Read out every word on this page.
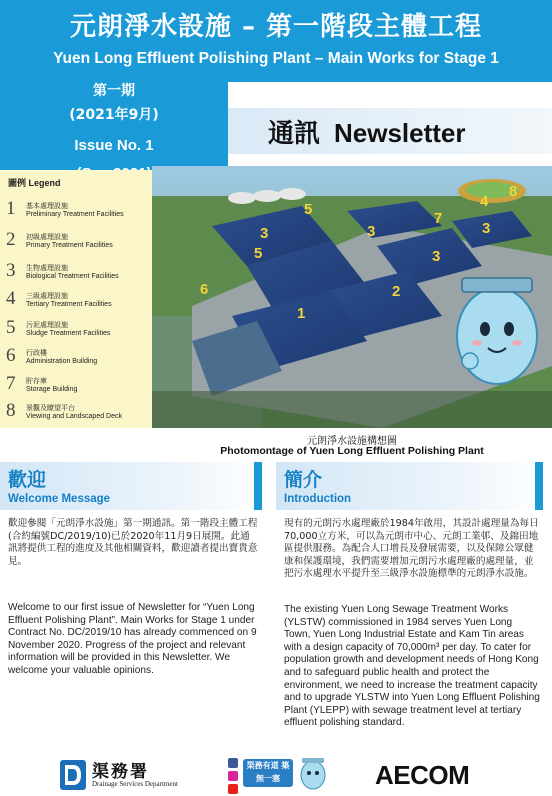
元朗淨水設施 – 第一階段主體工程
Yuen Long Effluent Polishing Plant – Main Works for Stage 1
第一期
(2021年9月)
Issue No. 1	通訊 Newsletter
1
2
3
3
3	3
4
5
5
6
7
8
圖例 Legend
1 基本處理設施
Preliminary Treatment Facilities
2 初級處理設施
Primary Treatment Facilities
3 生物處理設施
Biological Treatment Facilities
4 三級處理設施
Tertiary Treatment Facilities
5 污泥處理設施
Sludge Treatment Facilities
6 行政樓
Administration Building
7 貯存庫
Storage Building
8 景觀及瞭望平台
Viewing and Landscaped Deck
元朗淨水設施構想圖
Photomontage of Yuen Long Effluent Polishing Plant
歡迎
Welcome Message
歡迎參閱「元朗淨水設施」第一期通訊。第一階段主體工程(合約編號DC/2019/10)已於2020年11月9日展開。此通訊將提供工程的進度及其他相關資料，歡迎讀者提出寶貴意見。
Welcome to our first issue of Newsletter for “Yuen Long Effluent Polishing Plant”. Main Works for Stage 1 under Contract No. DC/2019/10 has already commenced on 9 November 2020. Progress of the project and relevant information will be provided in this Newsletter. We welcome your valuable opinions.
簡介
Introduction
現有的元朗污水處理廠於1984年啟用，其設計處理量為每日70,000立方米，可以為元朗市中心、元朗工業邨、及錦田地區提供服務。為配合人口增長及發展需要，以及保障公眾健康和保護環境，我們需要增加元朗污水處理廠的處理量，並把污水處理水平提升至三級淨水設施標準的元朗淨水設施。
The existing Yuen Long Sewage Treatment Works (YLSTW) commissioned in 1984 serves Yuen Long Town, Yuen Long Industrial Estate and Kam Tin areas with a design capacity of 70,000m³ per day. To cater for population growth and development needs of Hong Kong and to safeguard public health and protect the environment, we need to increase the treatment capacity and to upgrade YLSTW into Yuen Long Effluent Polishing Plant (YLEPP) with sewage treatment level at tertiary effluent polishing standard.
渠務署
Drainage Services Department
渠務有道 築無一塞	AECOM
